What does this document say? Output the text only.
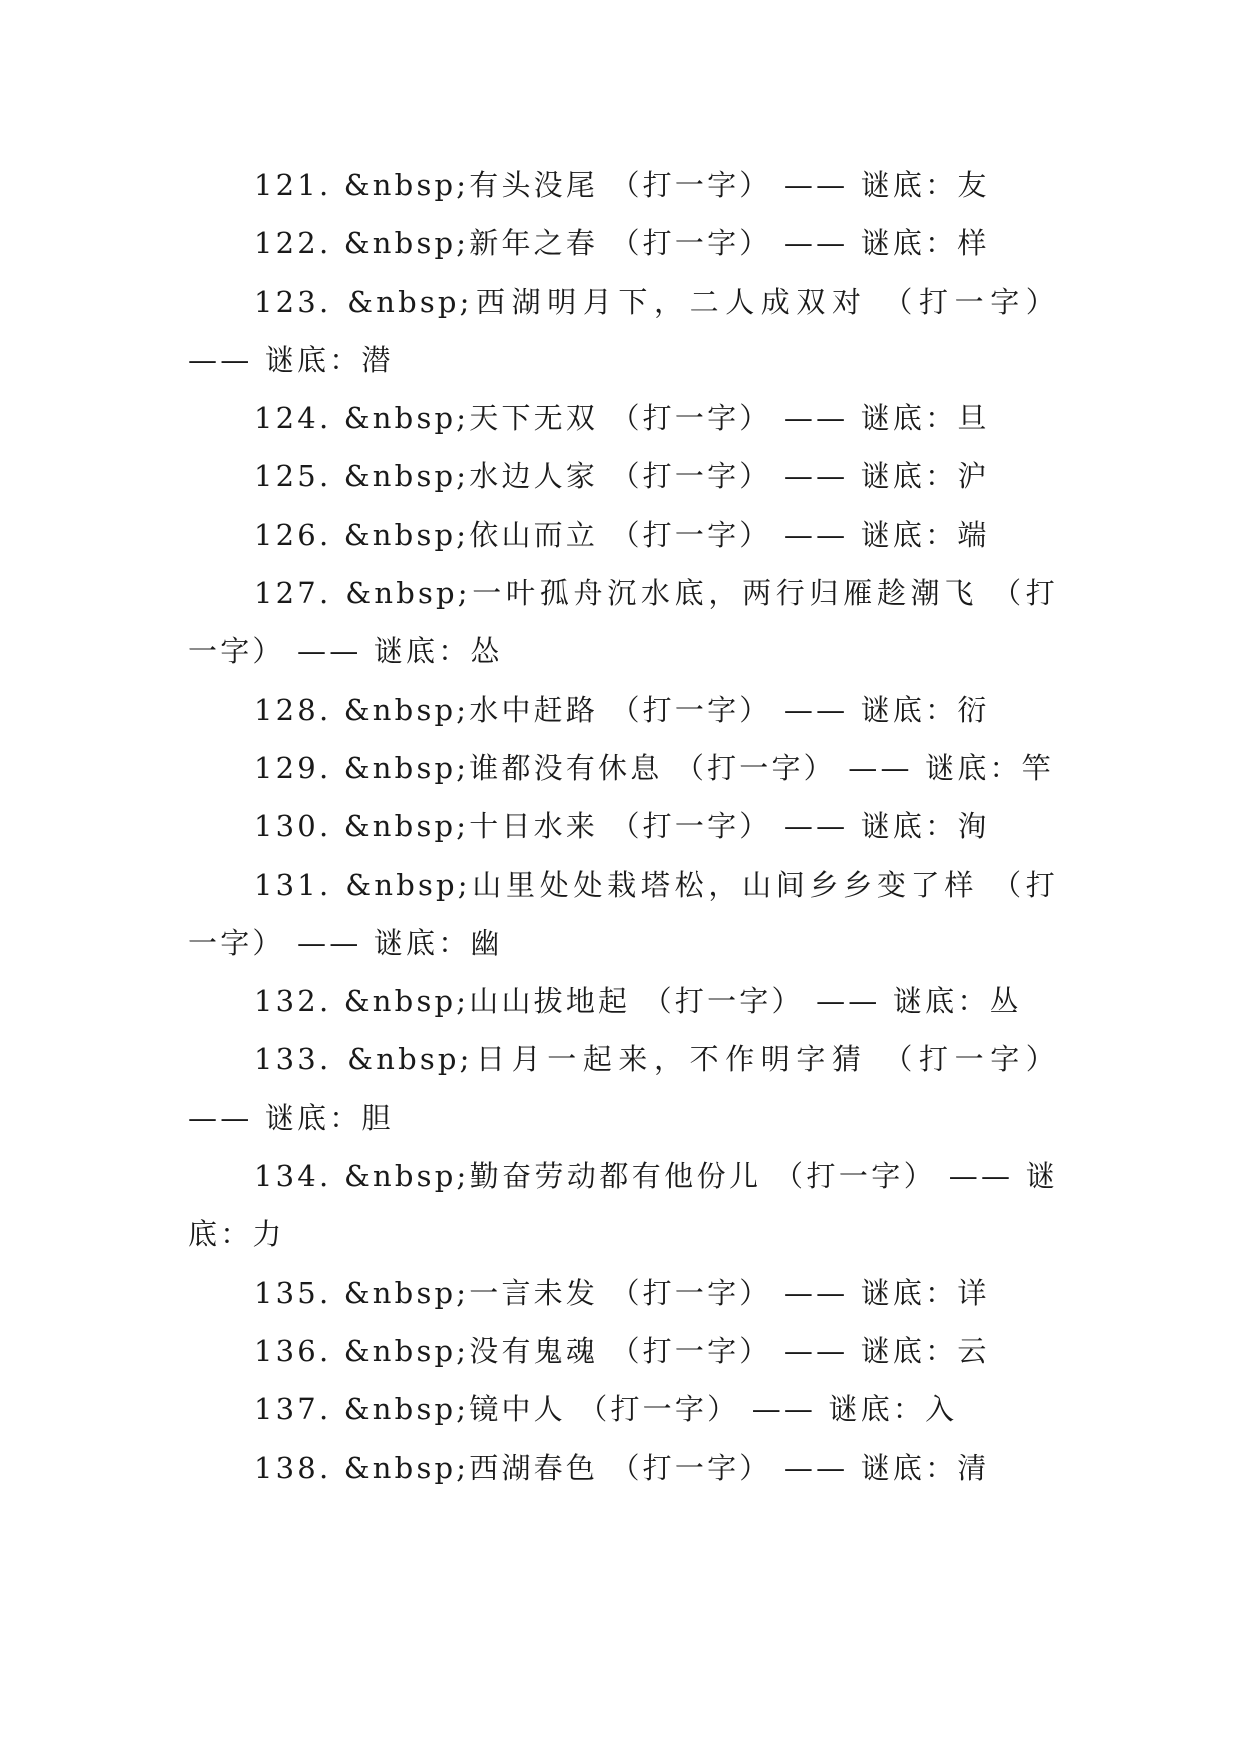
121. &nbsp;有头没尾 （打一字） —— 谜底：友

122. &nbsp;新年之春 （打一字） —— 谜底：样

123. &nbsp;西湖明月下，二人成双对 （打一字） —— 谜底：潜

124. &nbsp;天下无双 （打一字） —— 谜底：旦

125. &nbsp;水边人家 （打一字） —— 谜底：沪

126. &nbsp;依山而立 （打一字） —— 谜底：端

127. &nbsp;一叶孤舟沉水底，两行归雁趁潮飞 （打一字） —— 谜底：怂

128. &nbsp;水中赶路 （打一字） —— 谜底：衍

129. &nbsp;谁都没有休息 （打一字） —— 谜底：竿

130. &nbsp;十日水来 （打一字） —— 谜底：洵

131. &nbsp;山里处处栽塔松，山间乡乡变了样 （打一字） —— 谜底：幽

132. &nbsp;山山拔地起 （打一字） —— 谜底：丛

133. &nbsp;日月一起来，不作明字猜 （打一字） —— 谜底：胆

134. &nbsp;勤奋劳动都有他份儿 （打一字） —— 谜底：力

135. &nbsp;一言未发 （打一字） —— 谜底：详

136. &nbsp;没有鬼魂 （打一字） —— 谜底：云

137. &nbsp;镜中人 （打一字） —— 谜底：入

138. &nbsp;西湖春色 （打一字） —— 谜底：清
